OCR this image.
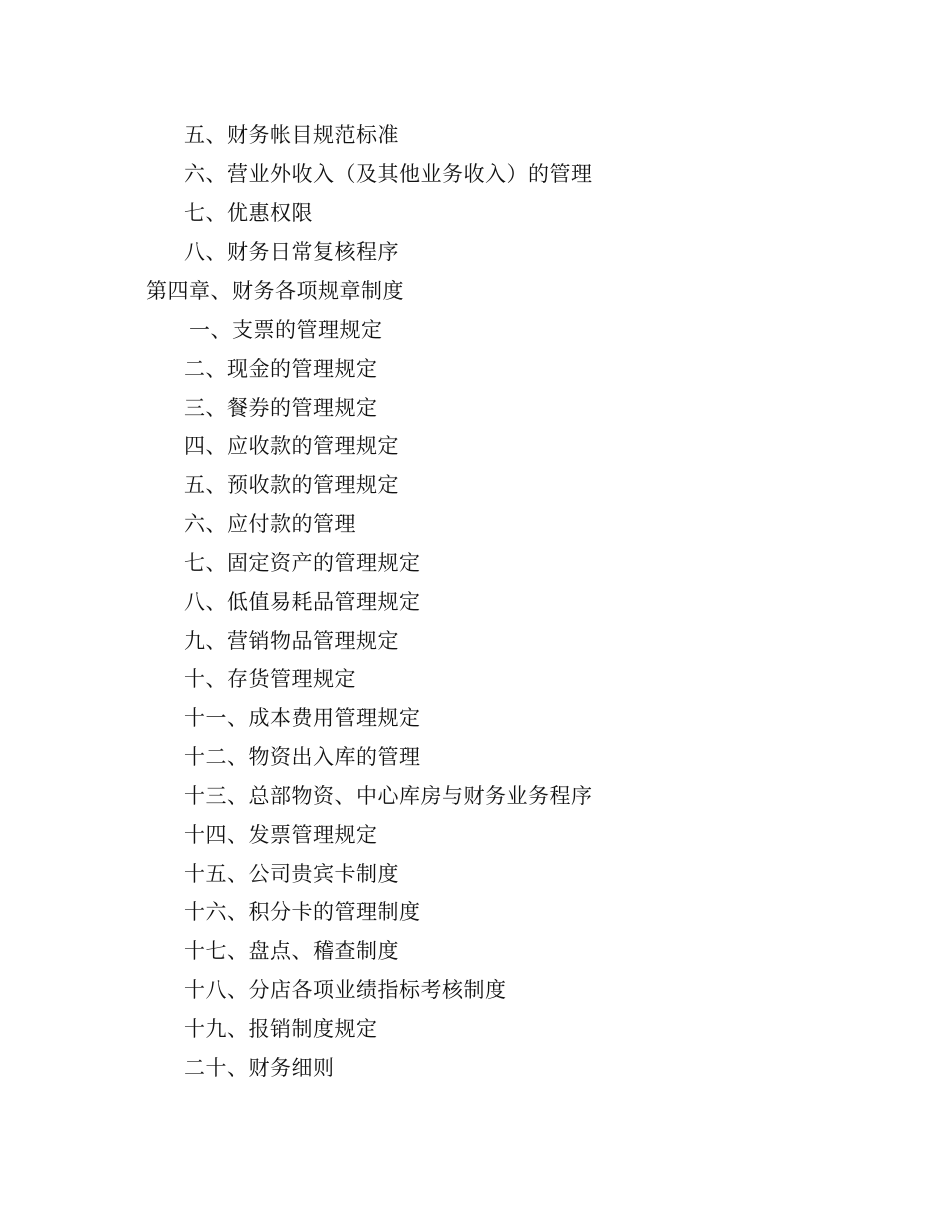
五、财务帐目规范标准
六、营业外收入（及其他业务收入）的管理
七、优惠权限
八、财务日常复核程序
第四章、财务各项规章制度
一、支票的管理规定
二、现金的管理规定
三、餐券的管理规定
四、应收款的管理规定
五、预收款的管理规定
六、应付款的管理
七、固定资产的管理规定
八、低值易耗品管理规定
九、营销物品管理规定
十、存货管理规定
十一、成本费用管理规定
十二、物资出入库的管理
十三、总部物资、中心库房与财务业务程序
十四、发票管理规定
十五、公司贵宾卡制度
十六、积分卡的管理制度
十七、盘点、稽查制度
十八、分店各项业绩指标考核制度
十九、报销制度规定
二十、财务细则
